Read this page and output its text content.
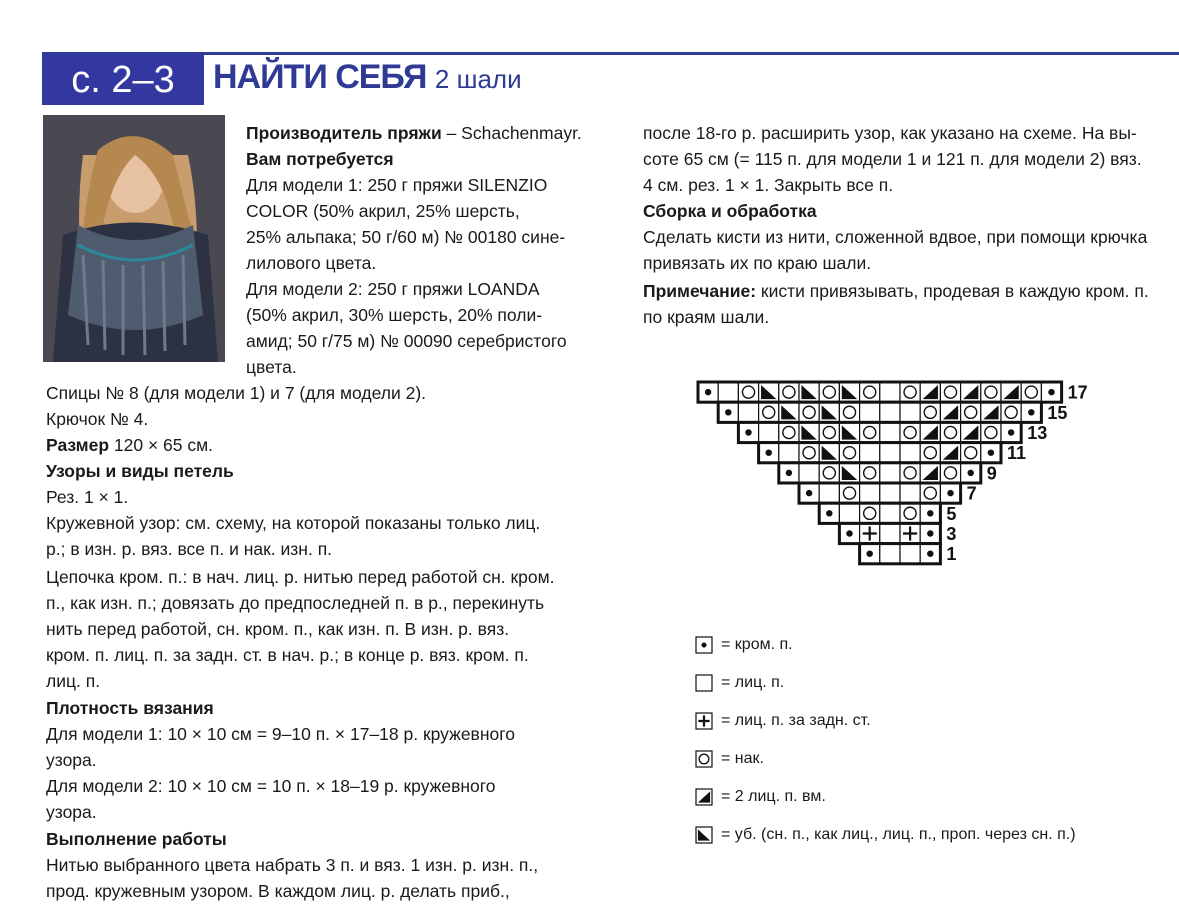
с. 2–3	НАЙТИ СЕБЯ 2 шали
Производитель пряжи – Schachenmayr.
Вам потребуется
Для модели 1: 250 г пряжи SILENZIO
COLOR (50% акрил, 25% шерсть,
25% альпака; 50 г/60 м) № 00180 сине-
лилового цвета.
Для модели 2: 250 г пряжи LOANDA
(50% акрил, 30% шерсть, 20% поли-
амид; 50 г/75 м) № 00090 серебристого
цвета.
Спицы № 8 (для модели 1) и 7 (для модели 2).
Крючок № 4.
Размер 120 × 65 см.
Узоры и виды петель
Рез. 1 × 1.
Кружевной узор: см. схему, на которой показаны только лиц.
р.; в изн. р. вяз. все п. и нак. изн. п.
Цепочка кром. п.: в нач. лиц. р. нитью перед работой сн. кром.
п., как изн. п.; довязать до предпоследней п. в р., перекинуть
нить перед работой, сн. кром. п., как изн. п. В изн. р. вяз.
кром. п. лиц. п. за задн. ст. в нач. р.; в конце р. вяз. кром. п.
лиц. п.
Плотность вязания
Для модели 1: 10 × 10 см = 9–10 п. × 17–18 р. кружевного
узора.
Для модели 2: 10 × 10 см = 10 п. × 18–19 р. кружевного
узора.
Выполнение работы
Нитью выбранного цвета набрать 3 п. и вяз. 1 изн. р. изн. п.,
прод. кружевным узором. В каждом лиц. р. делать приб.,
после 18-го р. расширить узор, как указано на схеме. На вы-
соте 65 см (= 115 п. для модели 1 и 121 п. для модели 2) вяз.
4 см. рез. 1 × 1. Закрыть все п.
Сборка и обработка
Сделать кисти из нити, сложенной вдвое, при помощи крючка
привязать их по краю шали.
Примечание: кисти привязывать, продевая в каждую кром. п.
по краям шали.
17
15
13
11
9
7
5
3
1
= кром. п.
= лиц. п.
= лиц. п. за задн. ст.
= нак.
= 2 лиц. п. вм.
= уб. (сн. п., как лиц., лиц. п., проп. через сн. п.)
